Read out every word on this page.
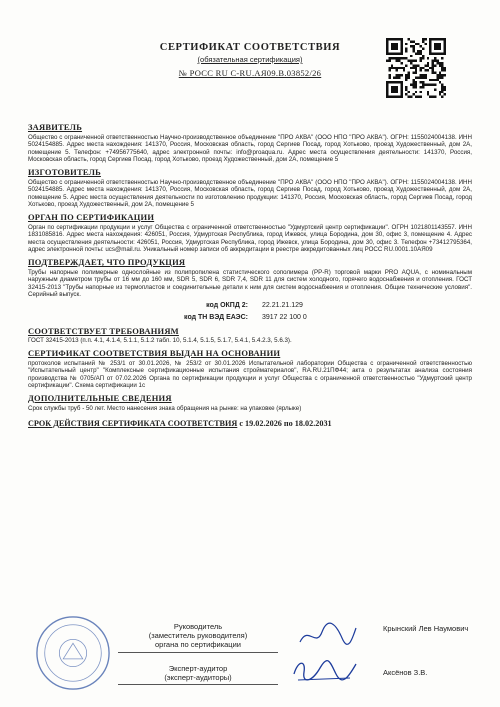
СЕРТИФИКАТ СООТВЕТСТВИЯ
(обязательная сертификация)
№ РОСС RU C-RU.АЯ09.В.03852/26
ЗАЯВИТЕЛЬ

Общество с ограниченной ответственностью Научно-производственное объединение "ПРО АКВА" (ООО НПО "ПРО АКВА"). ОГРН: 1155024004138. ИНН 5024154885. Адрес места нахождения: 141370, Россия, Московская область, город Сергиев Посад, город Хотьково, проезд Художественный, дом 2А, помещение 5. Телефон: +74956775640, адрес электронной почты: info@proaqua.ru. Адрес места осуществления деятельности: 141370, Россия, Московская область, город Сергиев Посад, город Хотьково, проезд Художественный, дом 2А, помещение 5

ИЗГОТОВИТЕЛЬ

Общество с ограниченной ответственностью Научно-производственное объединение "ПРО АКВА" (ООО НПО "ПРО АКВА"). ОГРН: 1155024004138. ИНН 5024154885. Адрес места нахождения: 141370, Россия, Московская область, город Сергиев Посад, город Хотьково, проезд Художественный, дом 2А, помещение 5. Адрес места осуществления деятельности по изготовлению продукции: 141370, Россия, Московская область, город Сергиев Посад, город Хотьково, проезд Художественный, дом 2А, помещение 5

ОРГАН ПО СЕРТИФИКАЦИИ

Орган по сертификации продукции и услуг Общества с ограниченной ответственностью "Удмуртский центр сертификации". ОГРН 1021801143557. ИНН 1831085816. Адрес места нахождения: 426051, Россия, Удмуртская Республика, город Ижевск, улица Бородина, дом 30, офис 3, помещение 4. Адрес места осуществления деятельности: 426051, Россия, Удмуртская Республика, город Ижевск, улица Бородина, дом 30, офис 3. Телефон +73412795364, адрес электронной почты: ucs@mail.ru. Уникальный номер записи об аккредитации в реестре аккредитованных лиц РОСС RU.0001.10АЯ09

ПОДТВЕРЖДАЕТ, ЧТО ПРОДУКЦИЯ

Трубы напорные полимерные однослойные из полипропилена статистического сополимера (PP-R) торговой марки PRO AQUA, с номинальным наружным диаметром трубы от 16 мм до 160 мм, SDR 5, SDR 6, SDR 7,4, SDR 11 для систем холодного, горячего водоснабжения и отопления. ГОСТ 32415-2013 "Трубы напорные из термопластов и соединительные детали к ним для систем водоснабжения и отопления. Общие технические условия". Серийный выпуск.

код ОКПД 2:	22.21.21.129
код ТН ВЭД ЕАЭС:	3917 22 100 0
СООТВЕТСТВУЕТ ТРЕБОВАНИЯМ

ГОСТ 32415-2013 (п.п. 4.1, 4.1.4, 5.1.1, 5.1.2 табл. 10, 5.1.4, 5.1.5, 5.1.7, 5.4.1, 5.4.2.3, 5.6.3).

СЕРТИФИКАТ СООТВЕТСТВИЯ ВЫДАН НА ОСНОВАНИИ

протоколов испытаний № 253/1 от 30.01.2026, № 253/2 от 30.01.2026 Испытательной лаборатории Общества с ограниченной ответственностью "Испытательный центр" "Комплексные сертификационные испытания стройматериалов", RA.RU.21ПФ44; акта о результатах анализа состояния производства № 0705/АП от 07.02.2026 Органа по сертификации продукции и услуг Общества с ограниченной ответственностью "Удмуртский центр сертификации". Схема сертификации 1с

ДОПОЛНИТЕЛЬНЫЕ СВЕДЕНИЯ

Срок службы труб - 50 лет. Место нанесения знака обращения на рынке: на упаковке (ярлыке)

СРОК ДЕЙСТВИЯ СЕРТИФИКАТА СООТВЕТСТВИЯ с 19.02.2026 по 18.02.2031
Руководитель
(заместитель руководителя)
органа по сертификации
Крынский Лев Наумович
Эксперт-аудитор
(эксперт-аудиторы)
Аксёнов З.В.
